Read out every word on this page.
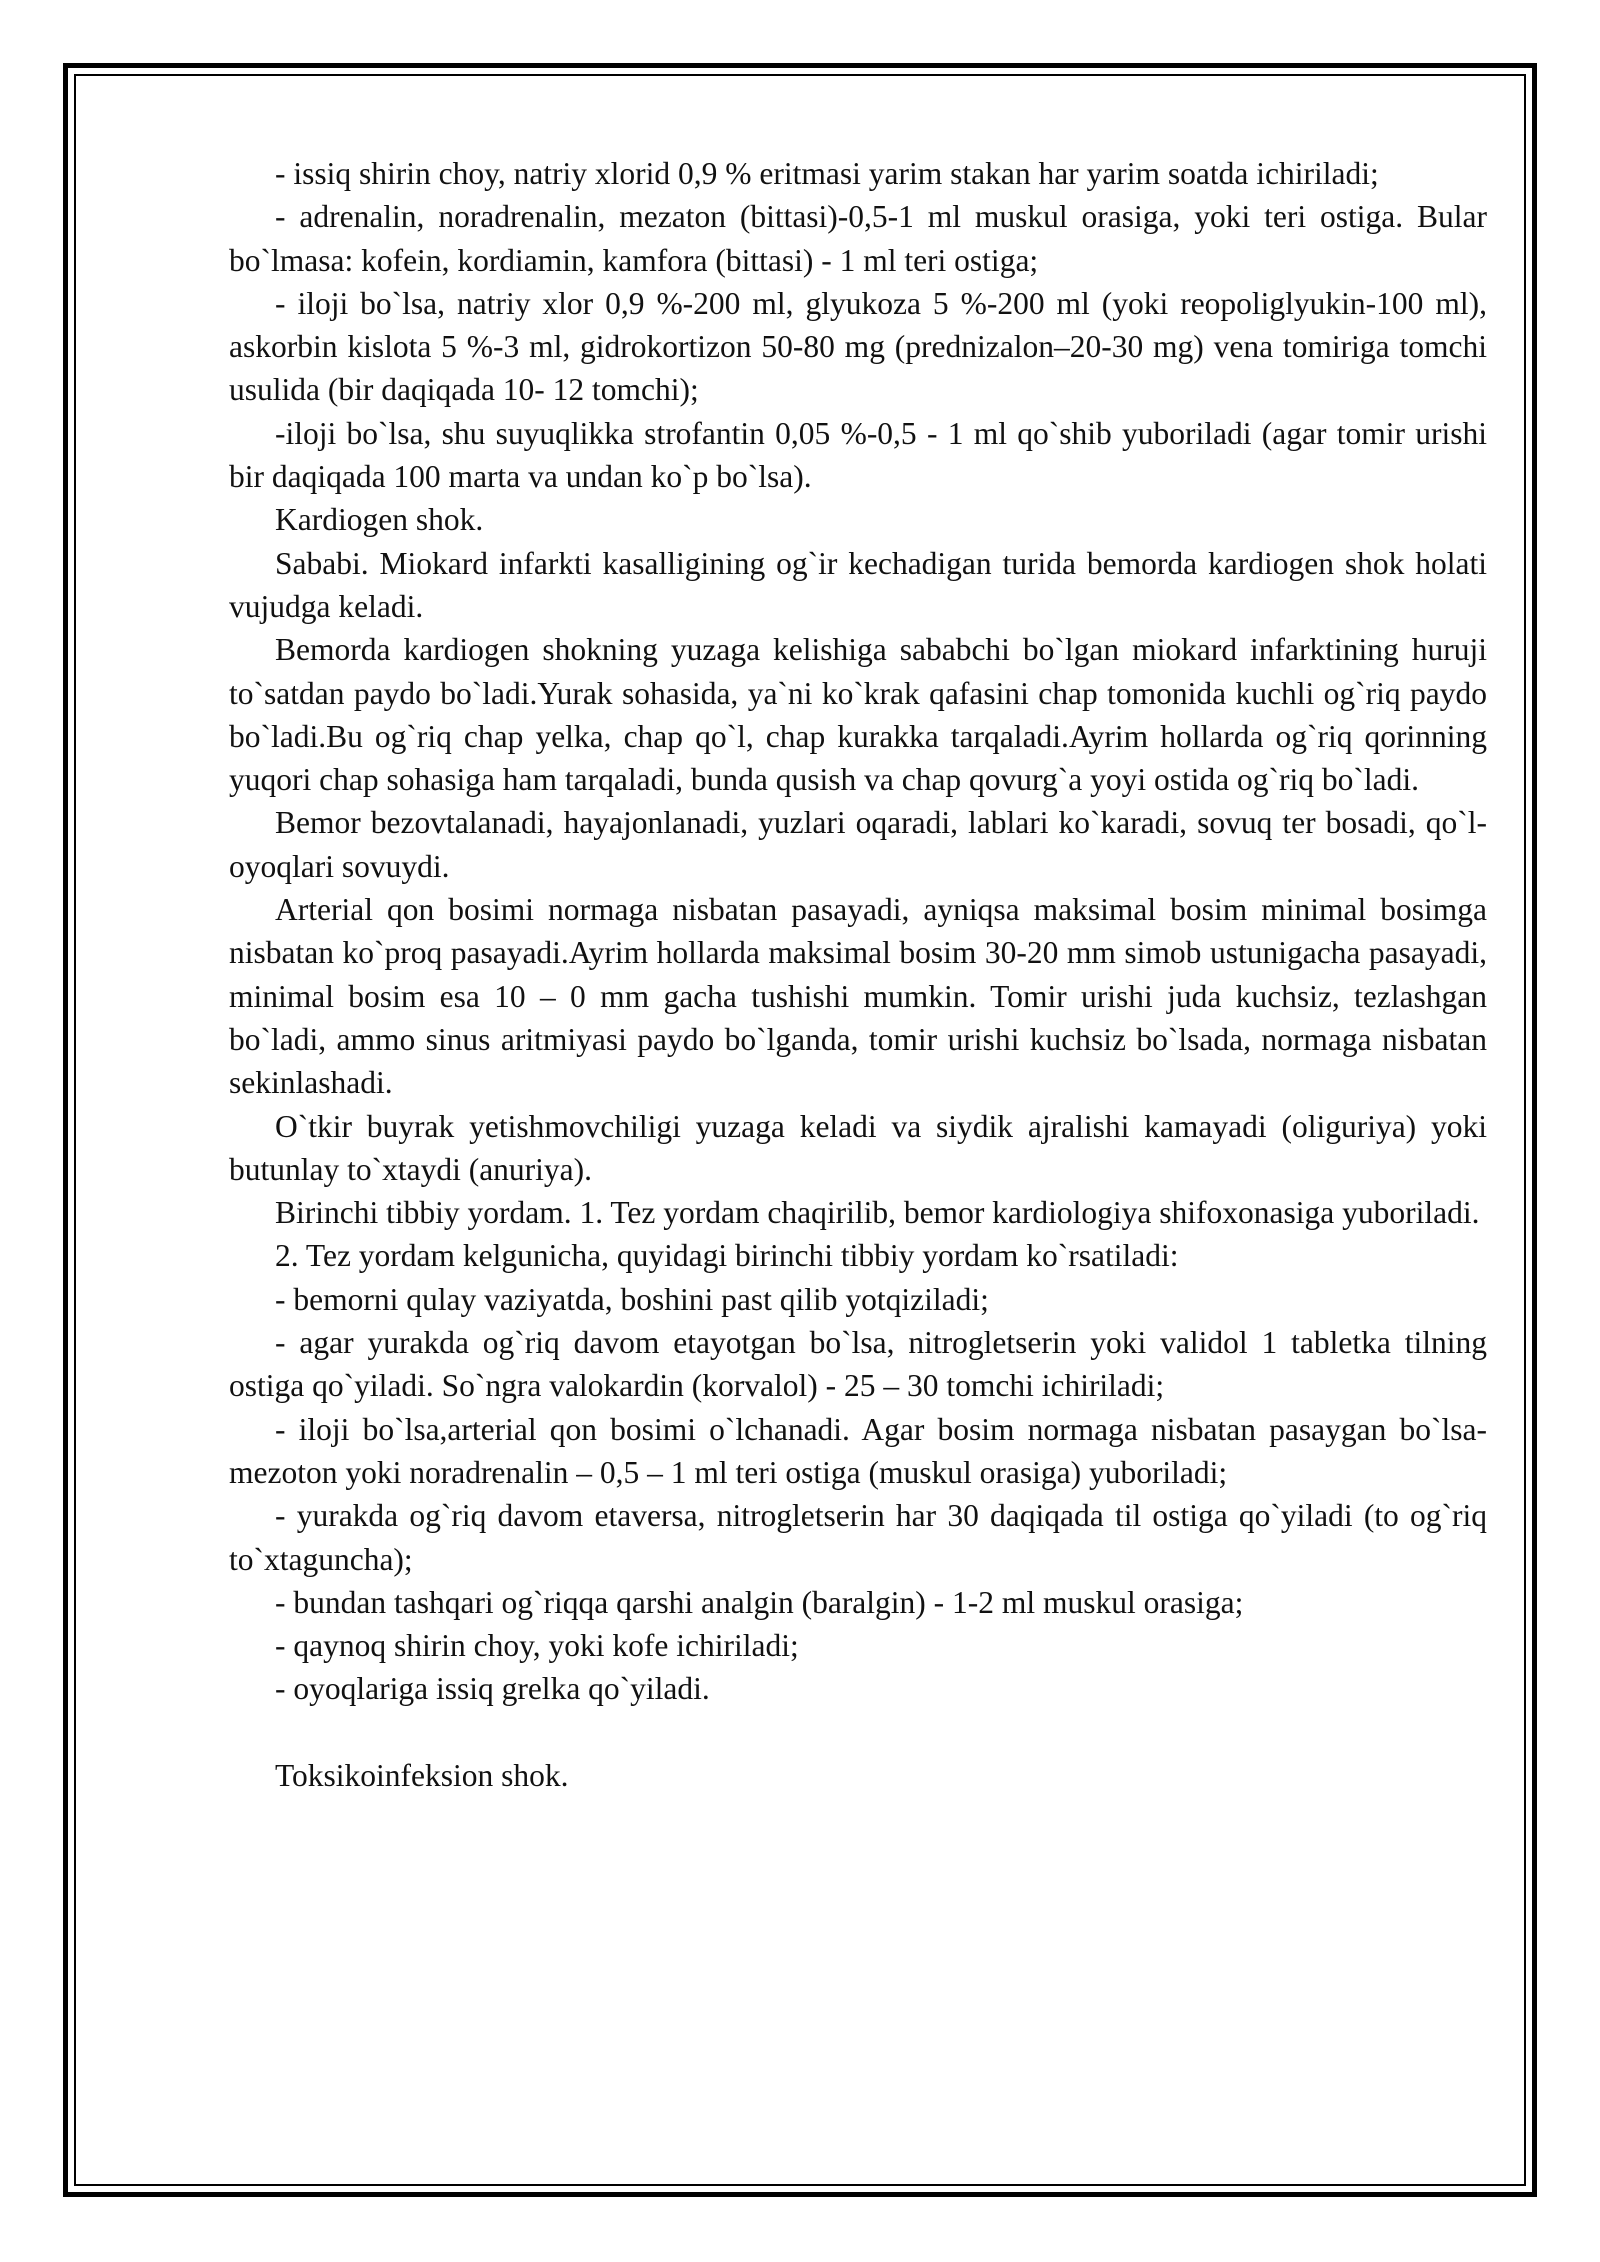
- issiq shirin choy, natriy xlorid 0,9 % eritmasi yarim stakan har yarim soatda ichiriladi;

- adrenalin, noradrenalin, mezaton (bittasi)-0,5-1 ml muskul orasiga, yoki teri ostiga. Bular bo`lmasa: kofein, kordiamin, kamfora (bittasi) - 1 ml teri ostiga;

- iloji bo`lsa, natriy xlor 0,9 %-200 ml, glyukoza 5 %-200 ml (yoki reopoliglyukin-100 ml), askorbin kislota 5 %-3 ml, gidrokortizon 50-80 mg (prednizalon–20-30 mg) vena tomiriga tomchi usulida (bir daqiqada 10- 12 tomchi);

-iloji bo`lsa, shu suyuqlikka strofantin 0,05 %-0,5 - 1 ml qo`shib yuboriladi (agar tomir urishi bir daqiqada 100 marta va undan ko`p bo`lsa).

Kardiogen shok.

Sababi. Miokard infarkti kasalligining og`ir kechadigan turida bemorda kardiogen shok holati vujudga keladi.

Bemorda kardiogen shokning yuzaga kelishiga sababchi bo`lgan miokard infarktining huruji to`satdan paydo bo`ladi.Yurak sohasida, ya`ni ko`krak qafasini chap tomonida kuchli og`riq paydo bo`ladi.Bu og`riq chap yelka, chap qo`l, chap kurakka tarqaladi.Ayrim hollarda og`riq qorinning yuqori chap sohasiga ham tarqaladi, bunda qusish va chap qovurg`a yoyi ostida og`riq bo`ladi.

Bemor bezovtalanadi, hayajonlanadi, yuzlari oqaradi, lablari ko`karadi, sovuq ter bosadi, qo`l-oyoqlari sovuydi.

Arterial qon bosimi normaga nisbatan pasayadi, ayniqsa maksimal bosim minimal bosimga nisbatan ko`proq pasayadi.Ayrim hollarda maksimal bosim 30-20 mm simob ustunigacha pasayadi, minimal bosim esa 10 – 0 mm gacha tushishi mumkin. Tomir urishi juda kuchsiz, tezlashgan bo`ladi, ammo sinus aritmiyasi paydo bo`lganda, tomir urishi kuchsiz bo`lsada, normaga nisbatan sekinlashadi.

O`tkir buyrak yetishmovchiligi yuzaga keladi va siydik ajralishi kamayadi (oliguriya) yoki butunlay to`xtaydi (anuriya).

Birinchi tibbiy yordam. 1. Tez yordam chaqirilib, bemor kardiologiya shifoxonasiga yuboriladi.

2. Tez yordam kelgunicha, quyidagi birinchi tibbiy yordam ko`rsatiladi:

- bemorni qulay vaziyatda, boshini past qilib yotqiziladi;

- agar yurakda og`riq davom etayotgan bo`lsa, nitrogletserin yoki validol 1 tabletka tilning ostiga qo`yiladi. So`ngra valokardin (korvalol) - 25 – 30 tomchi ichiriladi;

- iloji bo`lsa,arterial qon bosimi o`lchanadi. Agar bosim normaga nisbatan pasaygan bo`lsa- mezoton yoki noradrenalin – 0,5 – 1 ml teri ostiga (muskul orasiga) yuboriladi;

- yurakda og`riq davom etaversa, nitrogletserin har 30 daqiqada til ostiga qo`yiladi (to og`riq to`xtaguncha);

- bundan tashqari og`riqqa qarshi analgin (baralgin) - 1-2 ml muskul orasiga;

- qaynoq shirin choy, yoki kofe ichiriladi;

- oyoqlariga issiq grelka qo`yiladi.

Toksikoinfeksion shok.
